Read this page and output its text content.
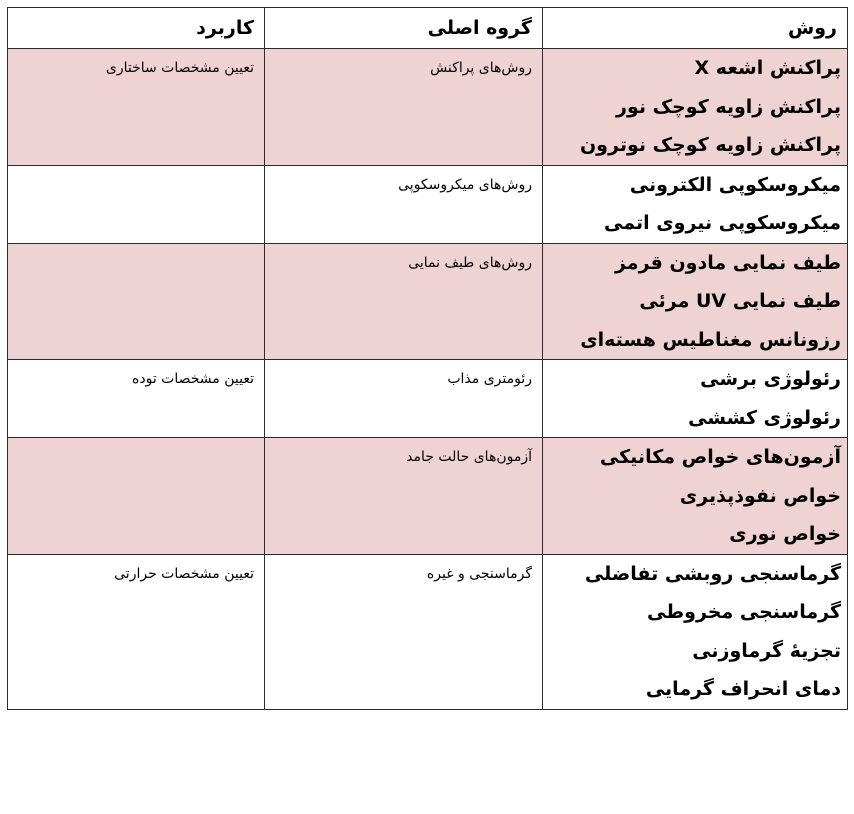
روش	گروه اصلی	کاربرد

پراکنش اشعه X
پراکنش زاویه کوچک نور
پراکنش زاویه کوچک نوترون	روش‌های پراکنش	تعیین مشخصات ساختاری

میکروسکوپی الکترونی
میکروسکوپی نیروی اتمی	روش‌های میکروسکوپی	

طیف نمایی مادون قرمز
طیف نمایی UV مرئی
رزونانس مغناطیس هسته‌ای	روش‌های طیف نمایی	

رئولوژی برشی
رئولوژی کششی	رئومتری مذاب	تعیین مشخصات توده

آزمون‌های خواص مکانیکی
خواص نفوذپذیری
خواص نوری	آزمون‌های حالت جامد	

گرماسنجی روبشی تفاضلی
گرماسنجی مخروطی
تجزیهٔ گرماوزنی
دمای انحراف گرمایی	گرماسنجی و غیره	تعیین مشخصات حرارتی
